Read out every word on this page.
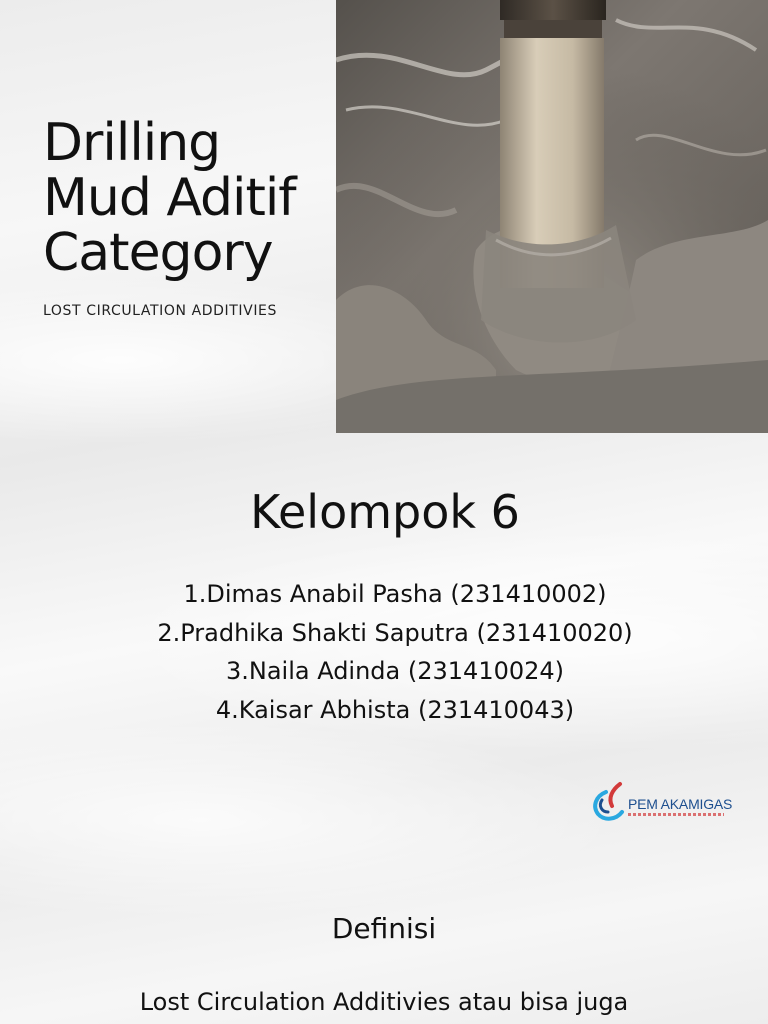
Drilling
Mud Aditif
Category
LOST CIRCULATION ADDITIVIES
Kelompok 6
1.Dimas Anabil Pasha (231410002)
2.Pradhika Shakti Saputra (231410020)
3.Naila Adinda (231410024)
4.Kaisar Abhista (231410043)
PEM AKAMIGAS
Definisi

Lost Circulation Additivies atau bisa juga
